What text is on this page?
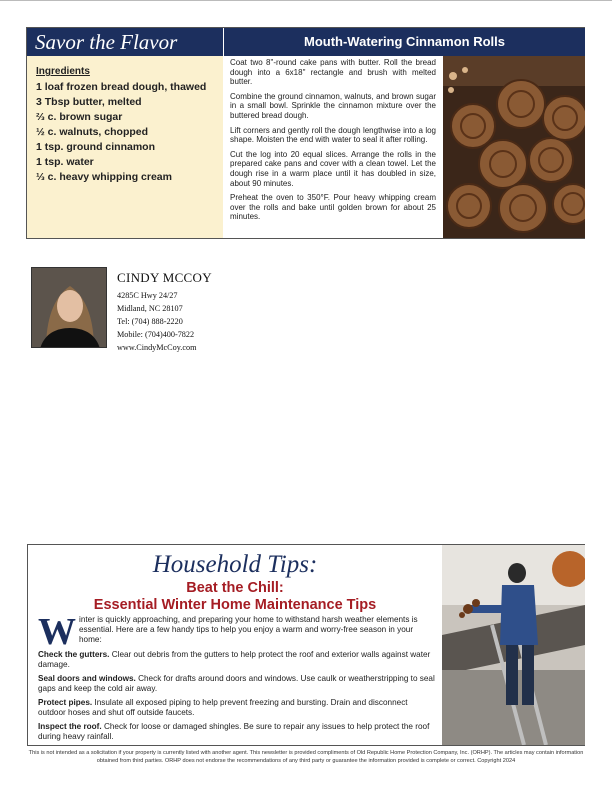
Savor the Flavor	Mouth-Watering Cinnamon Rolls
Ingredients
1 loaf frozen bread dough, thawed
3 Tbsp butter, melted
⅔ c. brown sugar
½ c. walnuts, chopped
1 tsp. ground cinnamon
1 tsp. water
⅓ c. heavy whipping cream

Coat two 8"-round cake pans with butter. Roll the bread dough into a 6x18" rectangle and brush with melted butter.

Combine the ground cinnamon, walnuts, and brown sugar in a small bowl. Sprinkle the cinnamon mixture over the buttered bread dough.

Lift corners and gently roll the dough lengthwise into a log shape. Moisten the end with water to seal it after rolling.

Cut the log into 20 equal slices. Arrange the rolls in the prepared cake pans and cover with a clean towel. Let the dough rise in a warm place until it has doubled in size, about 90 minutes.

Preheat the oven to 350°F. Pour heavy whipping cream over the rolls and bake until golden brown for about 25 minutes.

CINDY MCCOY
4285C Hwy 24/27
Midland, NC 28107
Tel: (704) 888-2220
Mobile: (704)400-7822
www.CindyMcCoy.com
Household Tips:
Beat the Chill:
Essential Winter Home Maintenance Tips

Winter is quickly approaching, and preparing your home to withstand harsh weather elements is essential. Here are a few handy tips to help you enjoy a warm and worry-free season in your home:

Check the gutters. Clear out debris from the gutters to help protect the roof and exterior walls against water damage.

Seal doors and windows. Check for drafts around doors and windows. Use caulk or weatherstripping to seal gaps and keep the cold air away.

Protect pipes. Insulate all exposed piping to help prevent freezing and bursting. Drain and disconnect outdoor hoses and shut off outside faucets.

Inspect the roof. Check for loose or damaged shingles. Be sure to repair any issues to help protect the roof during heavy rainfall.

This is not intended as a solicitation if your property is currently listed with another agent. This newsletter is provided compliments of Old Republic Home Protection Company, Inc. (ORHP). The articles may contain information obtained from third parties. ORHP does not endorse the recommendations of any third party or guarantee the information provided is complete or correct. Copyright 2024
